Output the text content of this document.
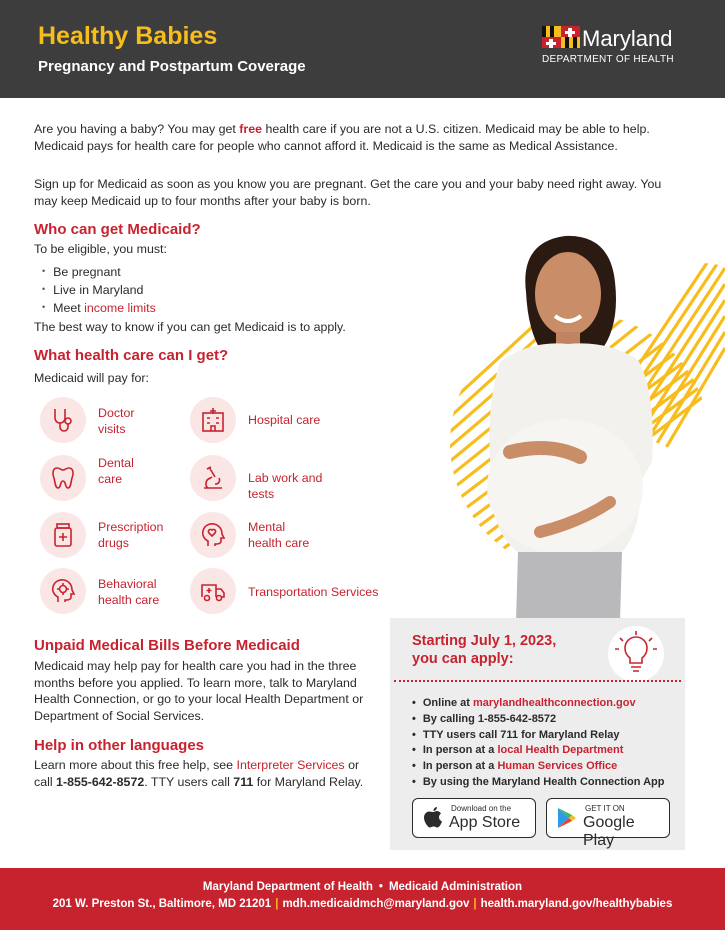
Healthy Babies
Pregnancy and Postpartum Coverage
Maryland
DEPARTMENT OF HEALTH

Are you having a baby? You may get free health care if you are not a U.S. citizen. Medicaid may be able to help. Medicaid pays for health care for people who cannot afford it. Medicaid is the same as Medical Assistance.

Sign up for Medicaid as soon as you know you are pregnant. Get the care you and your baby need right away. You may keep Medicaid up to four months after your baby is born.

Who can get Medicaid?
To be eligible, you must:
• Be pregnant
• Live in Maryland
• Meet income limits
The best way to know if you can get Medicaid is to apply.
What health care can I get?
Medicaid will pay for:
Doctor
visits
Hospital care
Dental
care	Lab work and tests
Prescription
drugs
Mental
health care
Behavioral
health care
Transportation Services
Unpaid Medical Bills Before Medicaid

Medicaid may help pay for health care you had in the three months before you applied. To learn more, talk to Maryland Health Connection, or go to your local Health Department or Department of Social Services.

Help in other languages

Learn more about this free help, see Interpreter Services or call 1-855-642-8572. TTY users call 711 for Maryland Relay.

Starting July 1, 2023,
you can apply:
• Online at marylandhealthconnection.gov
• By calling 1-855-642-8572
• TTY users call 711 for Maryland Relay
• In person at a local Health Department
• In person at a Human Services Office
• By using the Maryland Health Connection App
Download on the
App Store
GET IT ON
Google Play
Maryland Department of Health • Medicaid Administration
201 W. Preston St., Baltimore, MD 21201 | mdh.medicaidmch@maryland.gov | health.maryland.gov/healthybabies
